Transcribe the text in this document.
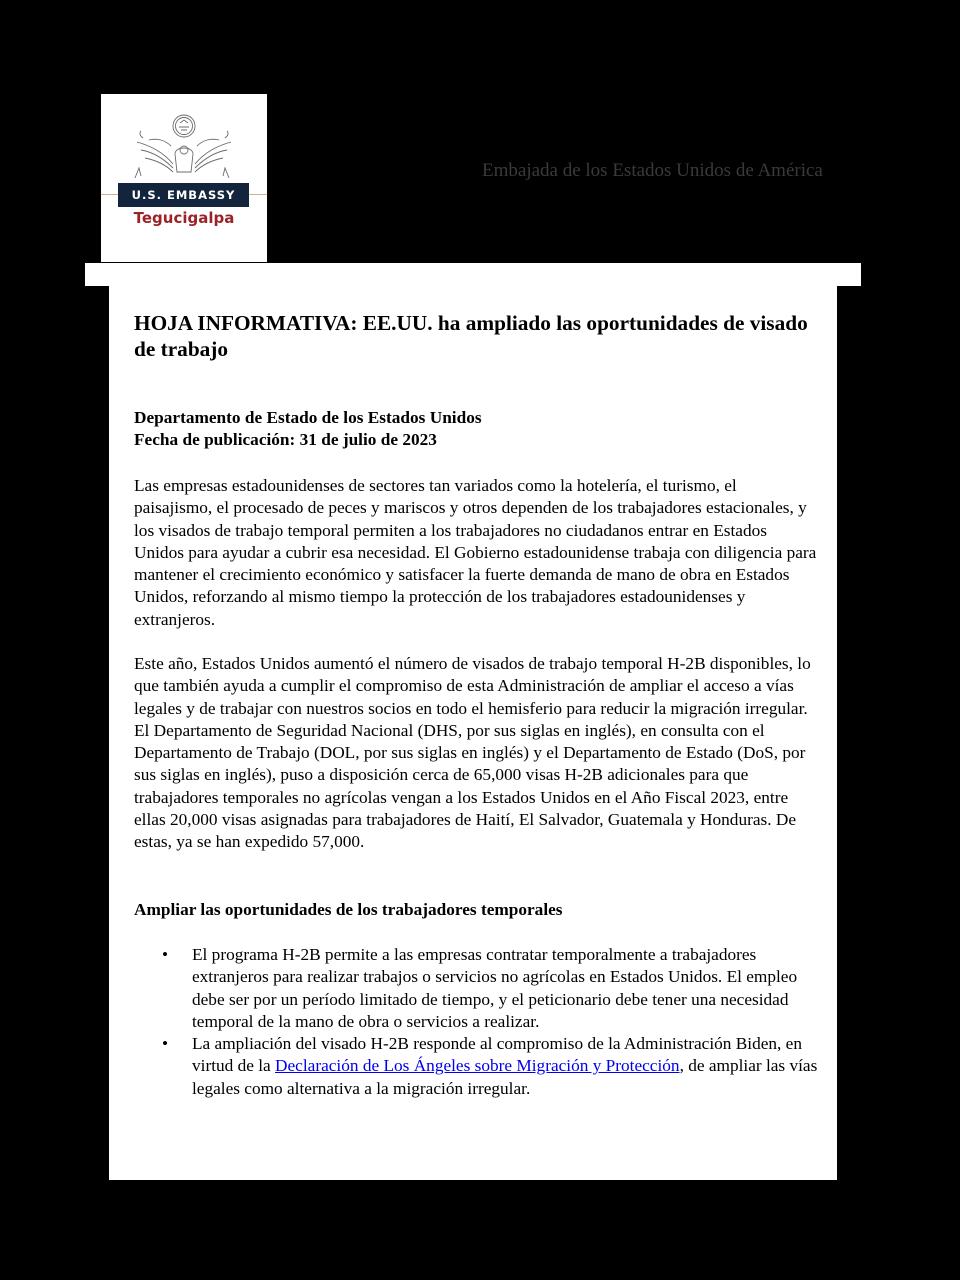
U.S. EMBASSY
Tegucigalpa
Embajada de los Estados Unidos de América
HOJA INFORMATIVA: EE.UU. ha ampliado las oportunidades de visado de trabajo
Departamento de Estado de los Estados Unidos
Fecha de publicación: 31 de julio de 2023

Las empresas estadounidenses de sectores tan variados como la hotelería, el turismo, el paisajismo, el procesado de peces y mariscos y otros dependen de los trabajadores estacionales, y los visados de trabajo temporal permiten a los trabajadores no ciudadanos entrar en Estados Unidos para ayudar a cubrir esa necesidad. El Gobierno estadounidense trabaja con diligencia para mantener el crecimiento económico y satisfacer la fuerte demanda de mano de obra en Estados Unidos, reforzando al mismo tiempo la protección de los trabajadores estadounidenses y extranjeros.

Este año, Estados Unidos aumentó el número de visados de trabajo temporal H-2B disponibles, lo que también ayuda a cumplir el compromiso de esta Administración de ampliar el acceso a vías legales y de trabajar con nuestros socios en todo el hemisferio para reducir la migración irregular. El Departamento de Seguridad Nacional (DHS, por sus siglas en inglés), en consulta con el Departamento de Trabajo (DOL, por sus siglas en inglés) y el Departamento de Estado (DoS, por sus siglas en inglés), puso a disposición cerca de 65,000 visas H-2B adicionales para que trabajadores temporales no agrícolas vengan a los Estados Unidos en el Año Fiscal 2023, entre ellas 20,000 visas asignadas para trabajadores de Haití, El Salvador, Guatemala y Honduras. De estas, ya se han expedido 57,000.

Ampliar las oportunidades de los trabajadores temporales
• El programa H-2B permite a las empresas contratar temporalmente a trabajadores extranjeros para realizar trabajos o servicios no agrícolas en Estados Unidos. El empleo debe ser por un período limitado de tiempo, y el peticionario debe tener una necesidad temporal de la mano de obra o servicios a realizar.
• La ampliación del visado H-2B responde al compromiso de la Administración Biden, en virtud de la Declaración de Los Ángeles sobre Migración y Protección, de ampliar las vías legales como alternativa a la migración irregular.
